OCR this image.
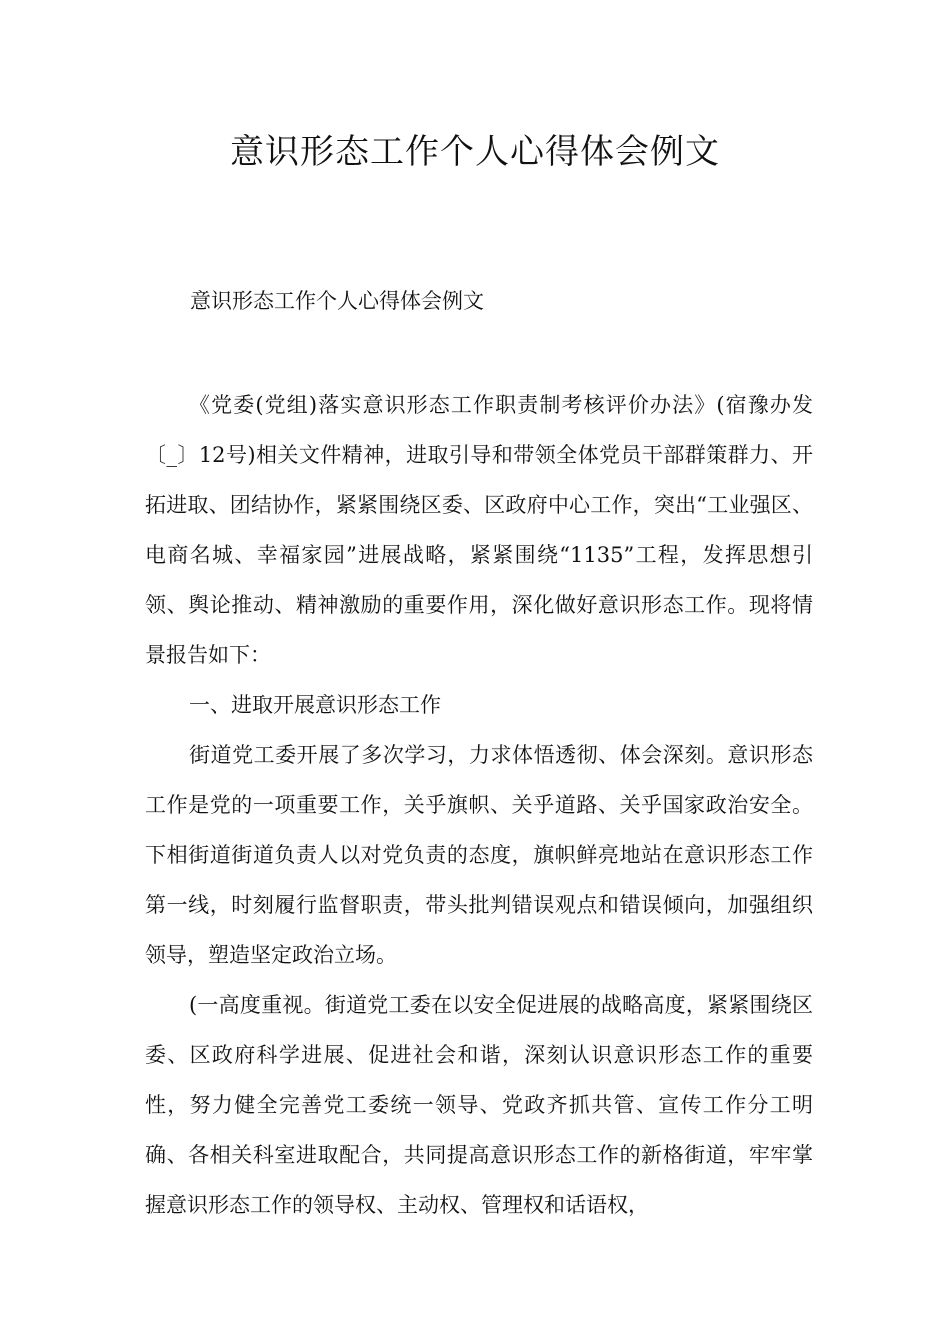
意识形态工作个人心得体会例文

意识形态工作个人心得体会例文

《党委(党组)落实意识形态工作职责制考核评价办法》(宿豫办发〔_〕12号)相关文件精神，进取引导和带领全体党员干部群策群力、开拓进取、团结协作，紧紧围绕区委、区政府中心工作，突出“工业强区、电商名城、幸福家园”进展战略，紧紧围绕“1135”工程，发挥思想引领、舆论推动、精神激励的重要作用，深化做好意识形态工作。现将情景报告如下：

一、进取开展意识形态工作

街道党工委开展了多次学习，力求体悟透彻、体会深刻。意识形态工作是党的一项重要工作，关乎旗帜、关乎道路、关乎国家政治安全。下相街道街道负责人以对党负责的态度，旗帜鲜亮地站在意识形态工作第一线，时刻履行监督职责，带头批判错误观点和错误倾向，加强组织领导，塑造坚定政治立场。

(一高度重视。街道党工委在以安全促进展的战略高度，紧紧围绕区委、区政府科学进展、促进社会和谐，深刻认识意识形态工作的重要性，努力健全完善党工委统一领导、党政齐抓共管、宣传工作分工明确、各相关科室进取配合，共同提高意识形态工作的新格街道，牢牢掌握意识形态工作的领导权、主动权、管理权和话语权，
